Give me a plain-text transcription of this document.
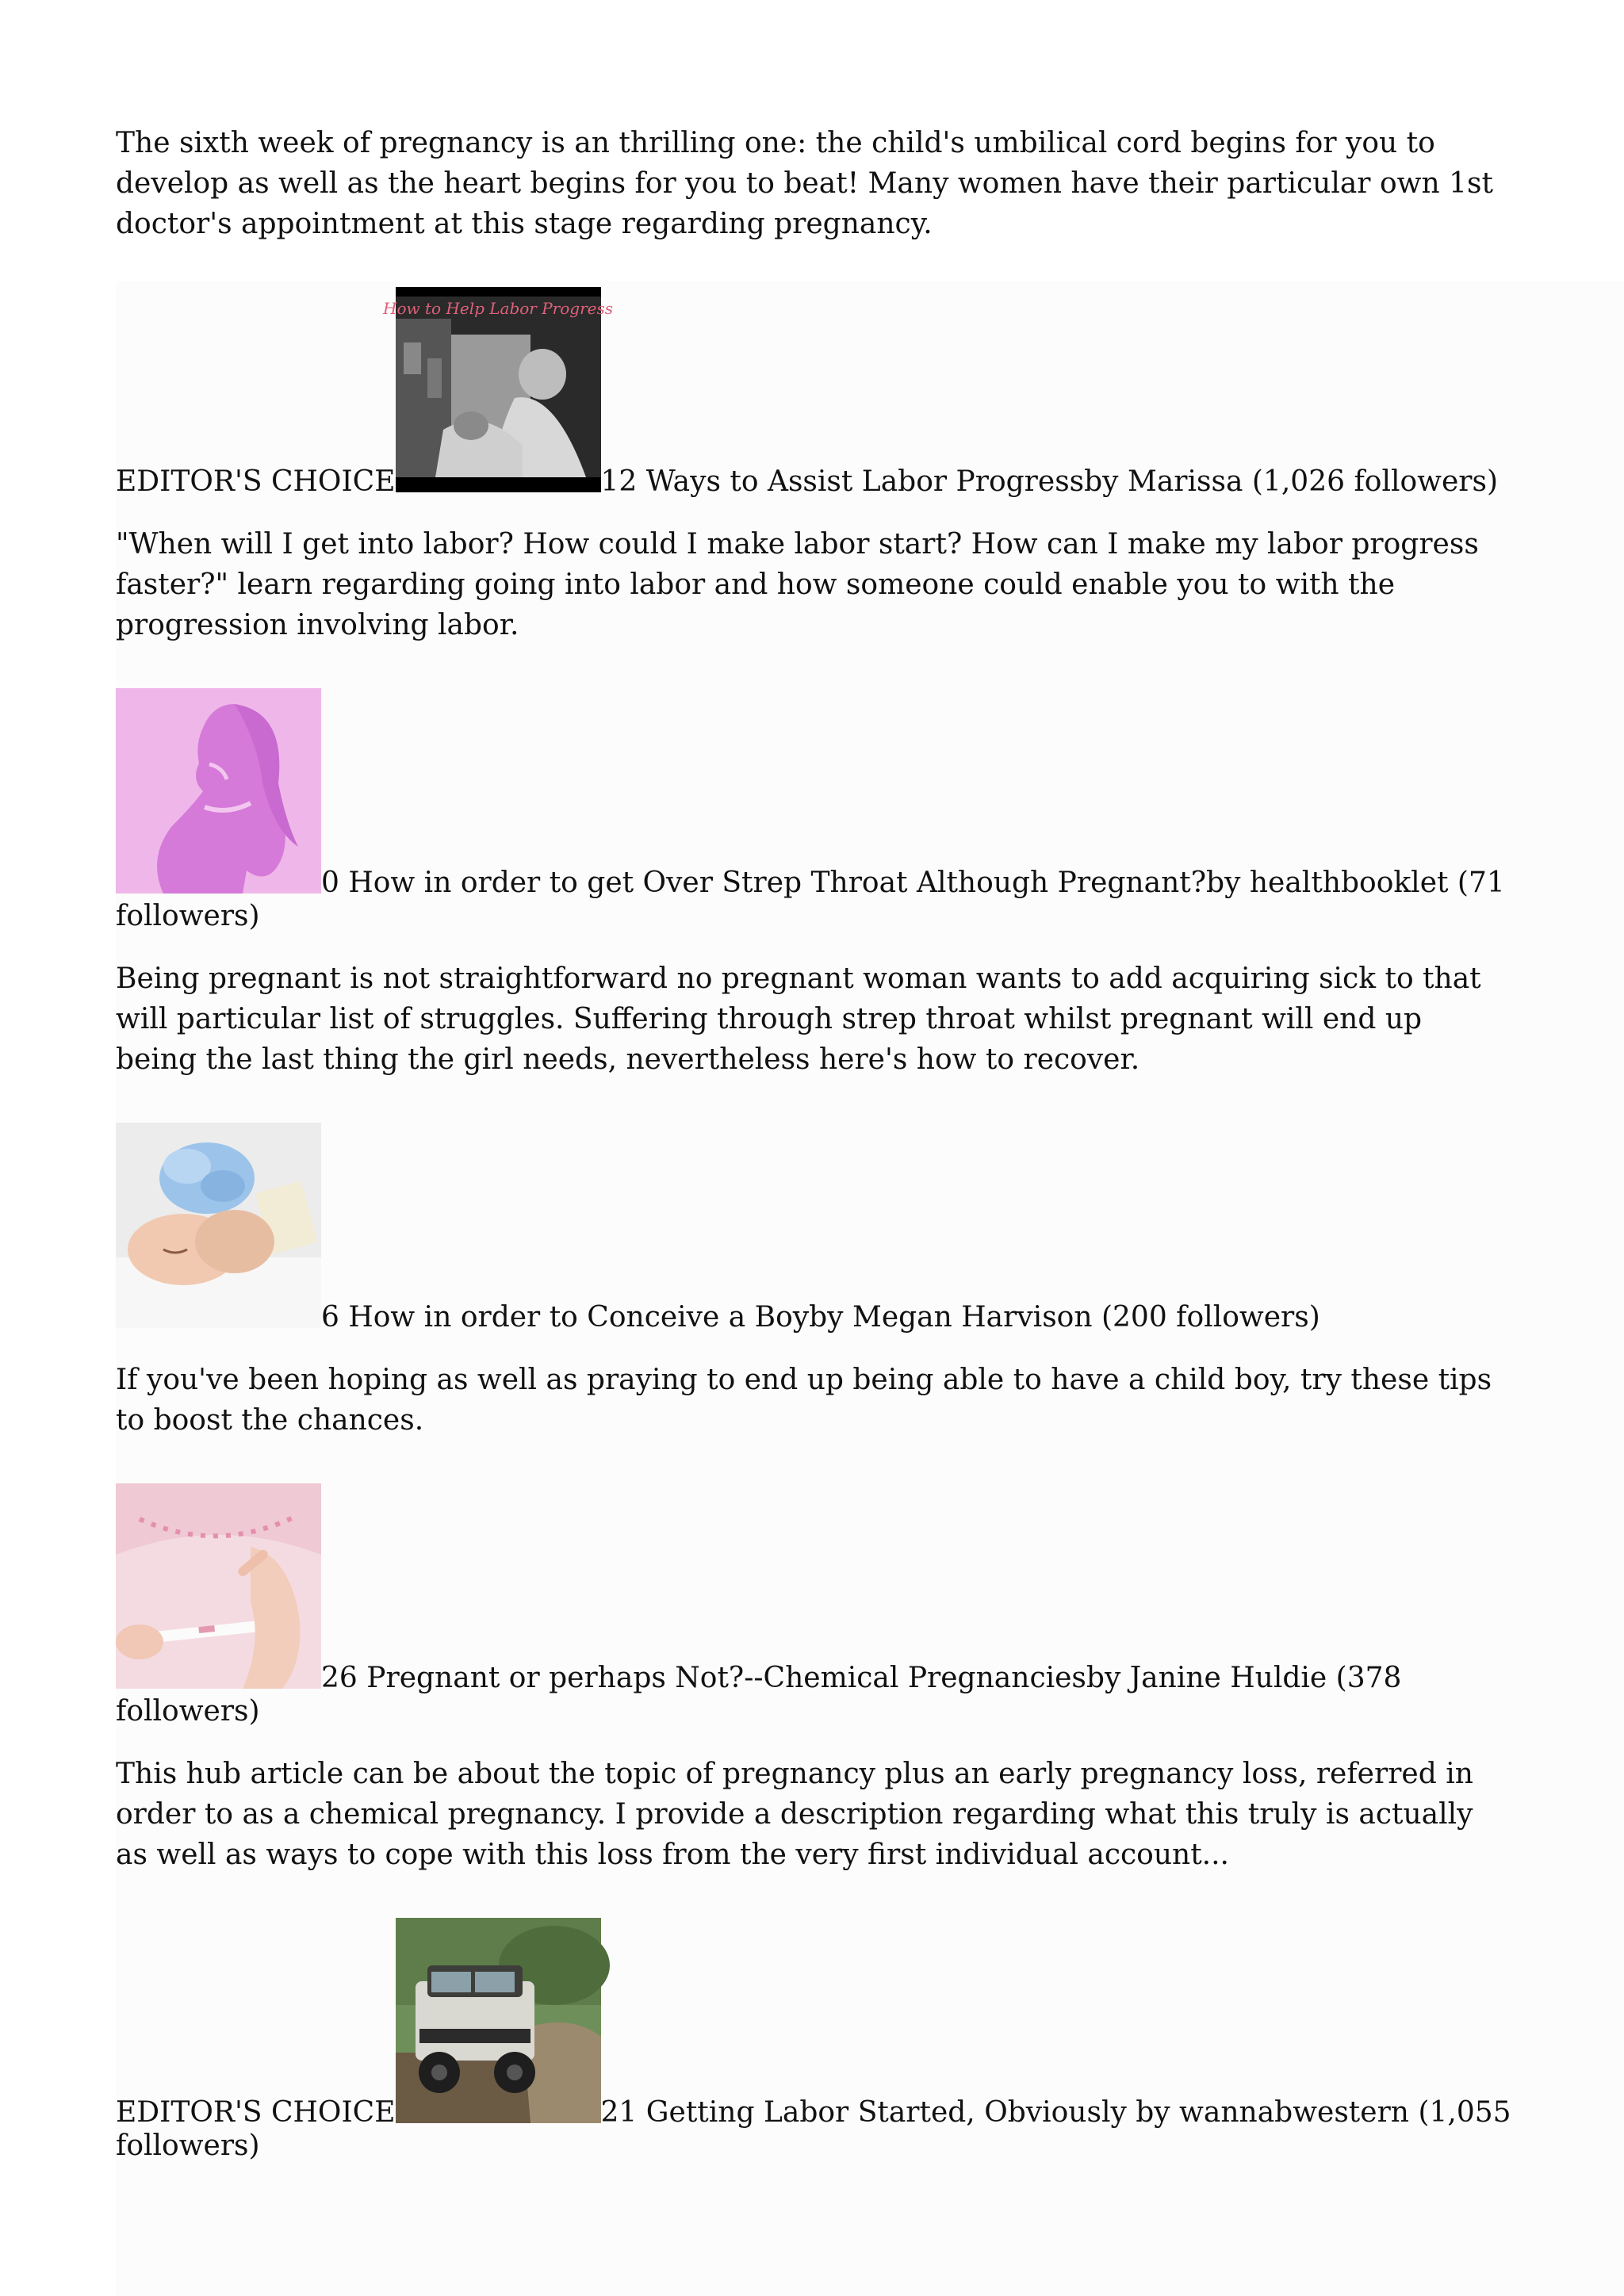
The sixth week of pregnancy is an thrilling one: the child's umbilical cord begins for you to develop as well as the heart begins for you to beat! Many women have their particular own 1st doctor's appointment at this stage regarding pregnancy.

EDITOR'S CHOICE
How to Help Labor Progress
12 Ways to Assist Labor Progressby Marissa (1,026 followers)

"When will I get into labor? How could I make labor start? How can I make my labor progress faster?" learn regarding going into labor and how someone could enable you to with the progression involving labor.

0 How in order to get Over Strep Throat Although Pregnant?by healthbooklet (71 followers)

Being pregnant is not straightforward no pregnant woman wants to add acquiring sick to that will particular list of struggles. Suffering through strep throat whilst pregnant will end up being the last thing the girl needs, nevertheless here's how to recover.

6 How in order to Conceive a Boyby Megan Harvison (200 followers)

If you've been hoping as well as praying to end up being able to have a child boy, try these tips to boost the chances.

26 Pregnant or perhaps Not?--Chemical Pregnanciesby Janine Huldie (378 followers)

This hub article can be about the topic of pregnancy plus an early pregnancy loss, referred in order to as a chemical pregnancy. I provide a description regarding what this truly is actually as well as ways to cope with this loss from the very first individual account...

EDITOR'S CHOICE	21 Getting Labor Started, Obviously by wannabwestern (1,055 followers)
